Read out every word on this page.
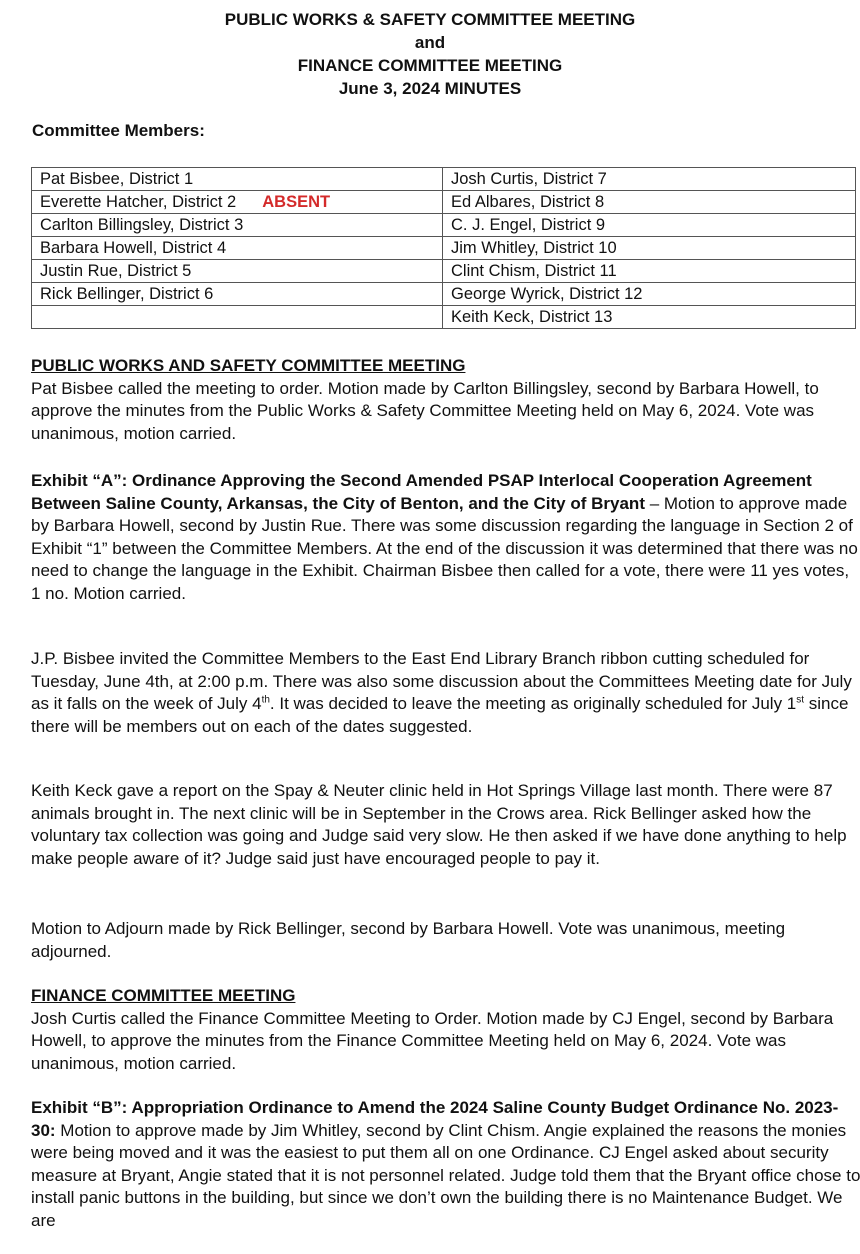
PUBLIC WORKS & SAFETY COMMITTEE MEETING
and
FINANCE COMMITTEE MEETING
June 3, 2024 MINUTES
Committee Members:
Pat Bisbee, District 1	Josh Curtis, District 7
Everette Hatcher, District 2 ABSENT	Ed Albares, District 8
Carlton Billingsley, District 3	C. J. Engel, District 9
Barbara Howell, District 4	Jim Whitley, District 10
Justin Rue, District 5	Clint Chism, District 11
Rick Bellinger, District 6	George Wyrick, District 12
	Keith Keck, District 13
PUBLIC WORKS AND SAFETY COMMITTEE MEETING

Pat Bisbee called the meeting to order. Motion made by Carlton Billingsley, second by Barbara Howell, to approve the minutes from the Public Works & Safety Committee Meeting held on May 6, 2024. Vote was unanimous, motion carried.

Exhibit “A”: Ordinance Approving the Second Amended PSAP Interlocal Cooperation Agreement Between Saline County, Arkansas, the City of Benton, and the City of Bryant – Motion to approve made by Barbara Howell, second by Justin Rue. There was some discussion regarding the language in Section 2 of Exhibit “1” between the Committee Members. At the end of the discussion it was determined that there was no need to change the language in the Exhibit. Chairman Bisbee then called for a vote, there were 11 yes votes, 1 no. Motion carried.

J.P. Bisbee invited the Committee Members to the East End Library Branch ribbon cutting scheduled for Tuesday, June 4th, at 2:00 p.m. There was also some discussion about the Committees Meeting date for July as it falls on the week of July 4th. It was decided to leave the meeting as originally scheduled for July 1st since there will be members out on each of the dates suggested.

Keith Keck gave a report on the Spay & Neuter clinic held in Hot Springs Village last month. There were 87 animals brought in. The next clinic will be in September in the Crows area. Rick Bellinger asked how the voluntary tax collection was going and Judge said very slow. He then asked if we have done anything to help make people aware of it? Judge said just have encouraged people to pay it.

Motion to Adjourn made by Rick Bellinger, second by Barbara Howell. Vote was unanimous, meeting adjourned.

FINANCE COMMITTEE MEETING

Josh Curtis called the Finance Committee Meeting to Order. Motion made by CJ Engel, second by Barbara Howell, to approve the minutes from the Finance Committee Meeting held on May 6, 2024. Vote was unanimous, motion carried.

Exhibit “B”: Appropriation Ordinance to Amend the 2024 Saline County Budget Ordinance No. 2023-30: Motion to approve made by Jim Whitley, second by Clint Chism. Angie explained the reasons the monies were being moved and it was the easiest to put them all on one Ordinance. CJ Engel asked about security measure at Bryant, Angie stated that it is not personnel related. Judge told them that the Bryant office chose to install panic buttons in the building, but since we don’t own the building there is no Maintenance Budget. We are
